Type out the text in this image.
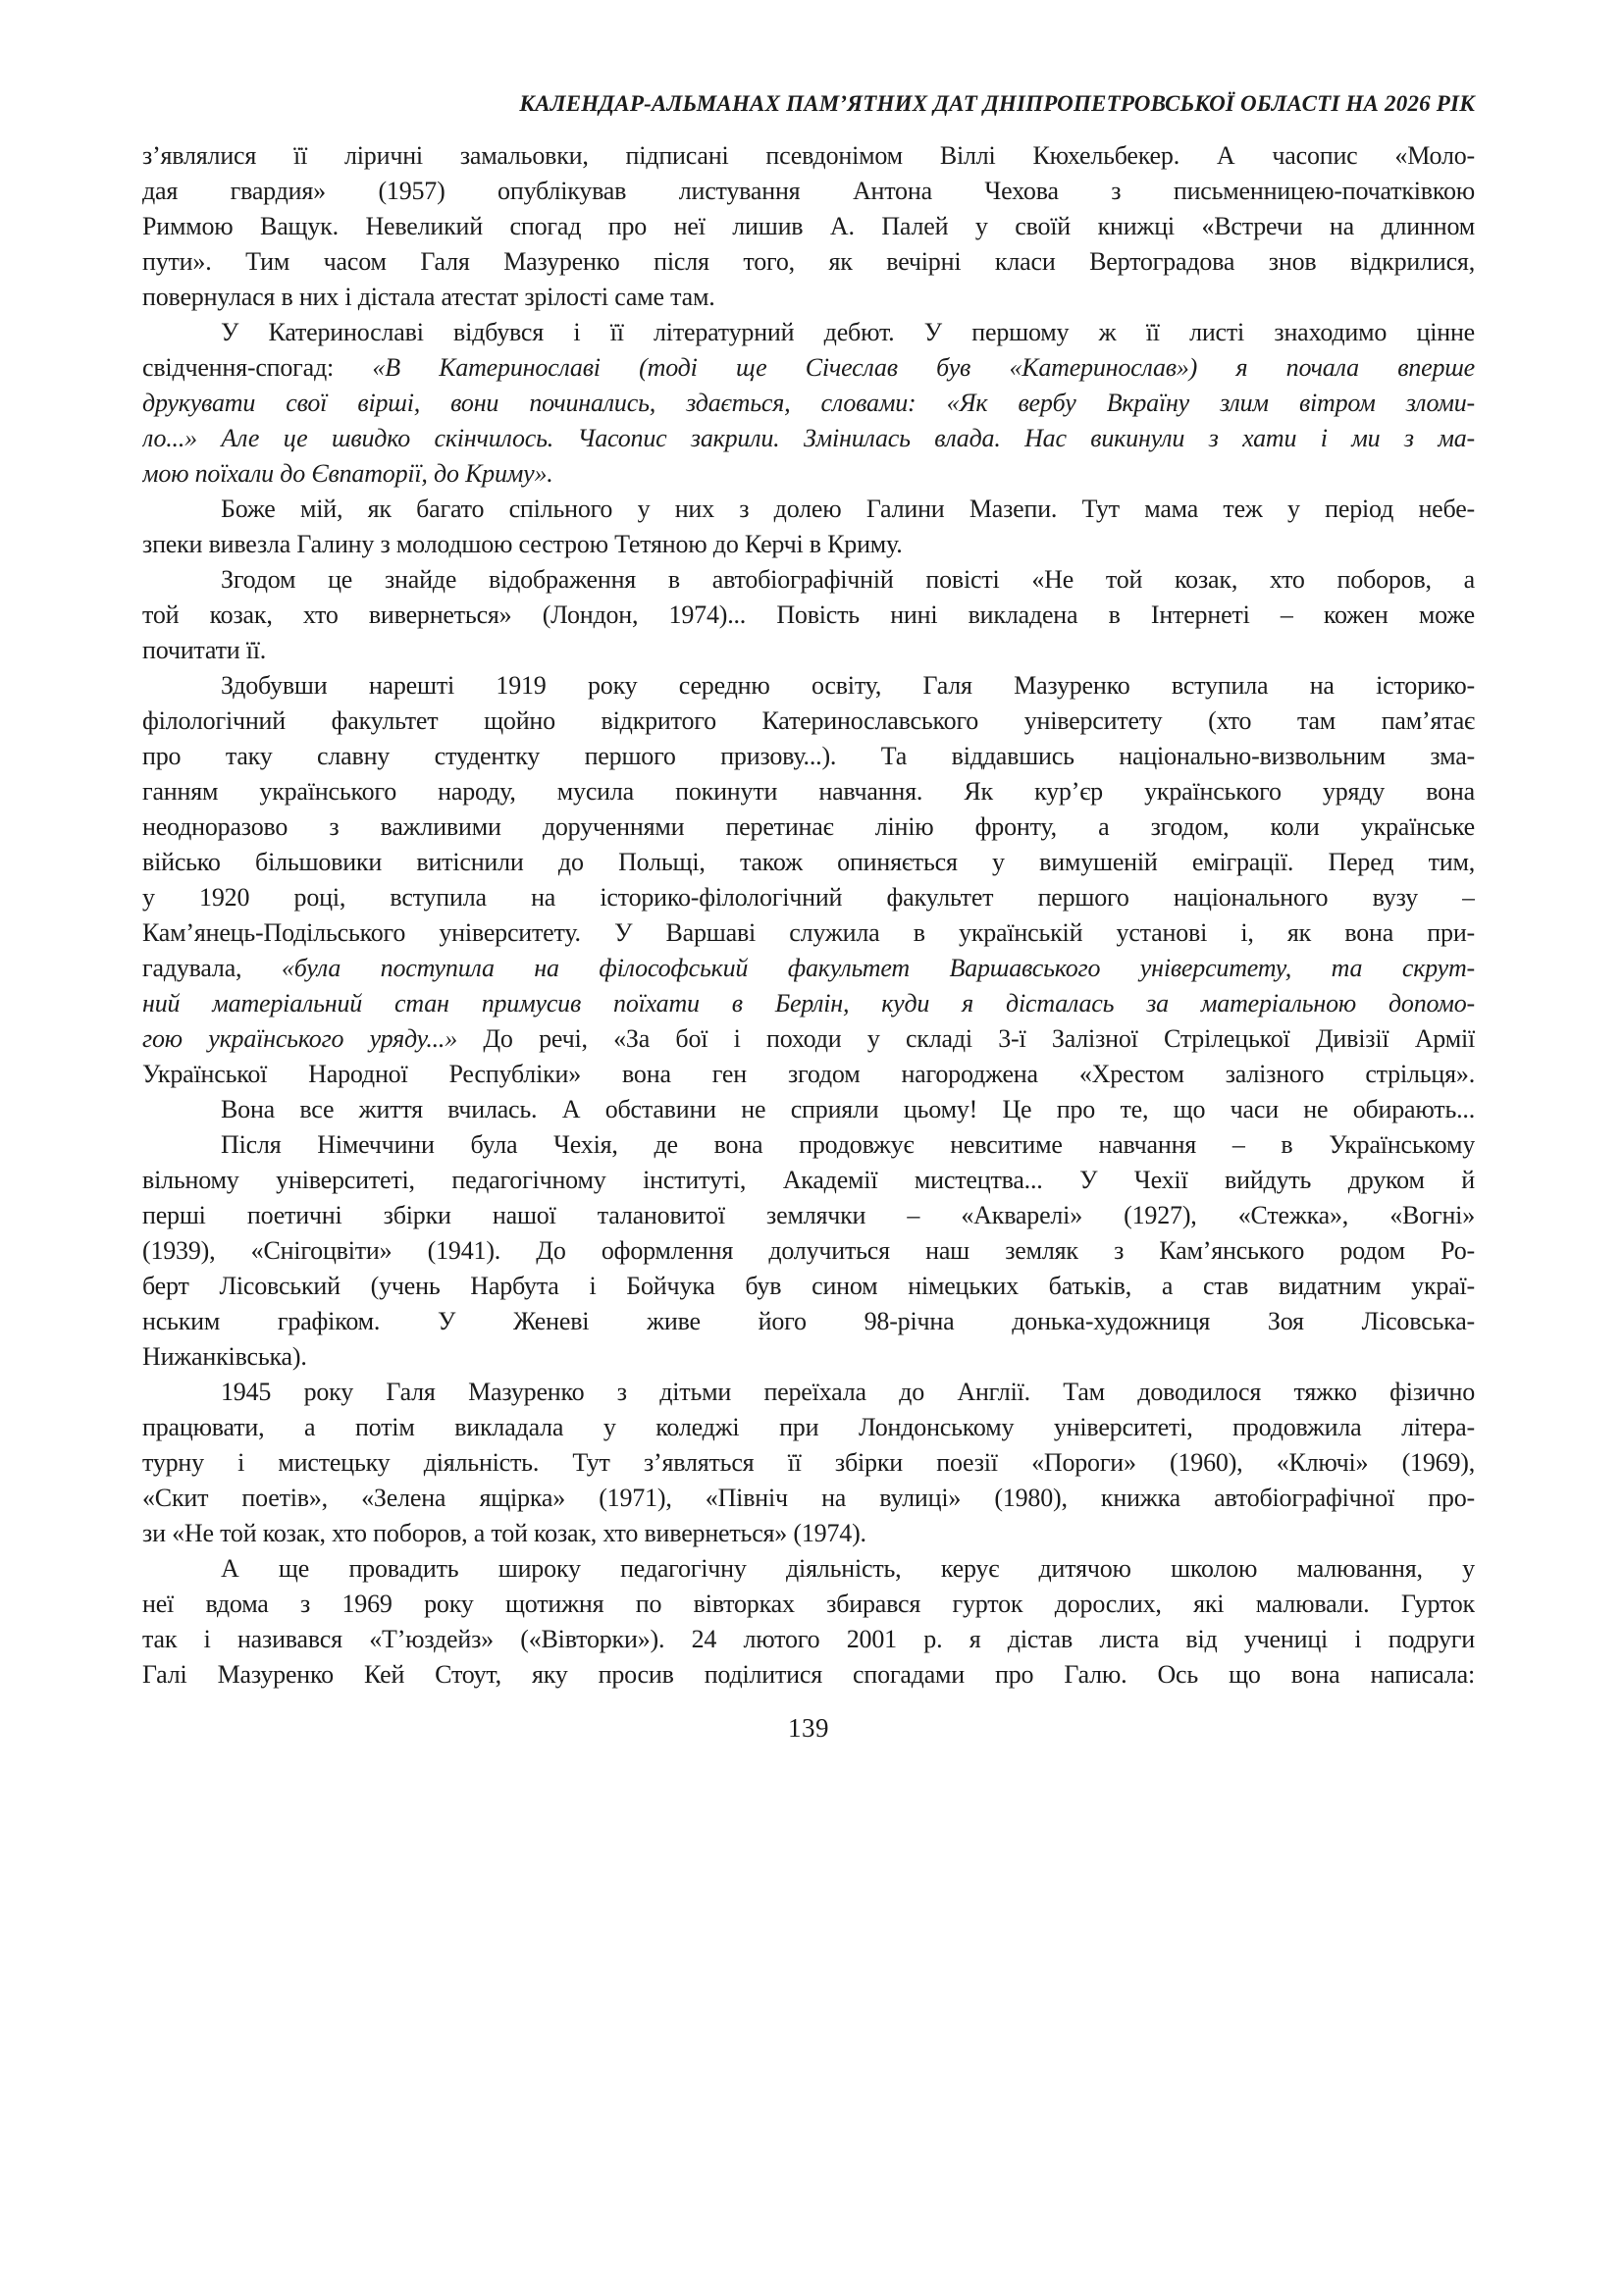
КАЛЕНДАР-АЛЬМАНАХ ПАМ’ЯТНИХ ДАТ ДНІПРОПЕТРОВСЬКОЇ ОБЛАСТІ НА 2026 РІК
з’являлися її ліричні замальовки, підписані псевдонімом Віллі Кюхельбекер. А часопис «Моло-
дая гвардия» (1957) опублікував листування Антона Чехова з письменницею-початківкою
Риммою Ващук. Невеликий спогад про неї лишив А. Палей у своїй книжці «Встречи на длинном
пути». Тим часом Галя Мазуренко після того, як вечірні класи Вертоградова знов відкрилися,
повернулася в них і дістала атестат зрілості саме там.
У Катеринославі відбувся і її літературний дебют. У першому ж її листі знаходимо цінне
свідчення-спогад: «В Катеринославі (тоді ще Січеслав був «Катеринослав») я почала вперше
друкувати свої вірші, вони починались, здається, словами: «Як вербу Вкраїну злим вітром зломи-
ло...» Але це швидко скінчилось. Часопис закрили. Змінилась влада. Нас викинули з хати і ми з ма-
мою поїхали до Євпаторії, до Криму».
Боже мій, як багато спільного у них з долею Галини Мазепи. Тут мама теж у період небе-
зпеки вивезла Галину з молодшою сестрою Тетяною до Керчі в Криму.
Згодом це знайде відображення в автобіографічній повісті «Не той козак, хто поборов, а
той козак, хто вивернеться» (Лондон, 1974)... Повість нині викладена в Інтернеті – кожен може
почитати її.
Здобувши нарешті 1919 року середню освіту, Галя Мазуренко вступила на історико-
філологічний факультет щойно відкритого Катеринославського університету (хто там пам’ятає
про таку славну студентку першого призову...). Та віддавшись національно-визвольним зма-
ганням українського народу, мусила покинути навчання. Як кур’єр українського уряду вона
неодноразово з важливими дорученнями перетинає лінію фронту, а згодом, коли українське
військо більшовики витіснили до Польщі, також опиняється у вимушеній еміграції. Перед тим,
у 1920 році, вступила на історико-філологічний факультет першого національного вузу –
Кам’янець-Подільського університету. У Варшаві служила в українській установі і, як вона при-
гадувала, «була поступила на філософський факультет Варшавського університету, та скрут-
ний матеріальний стан примусив поїхати в Берлін, куди я дісталась за матеріальною допомо-
гою українського уряду...» До речі, «За бої і походи у складі 3-ї Залізної Стрілецької Дивізії Армії
Української Народної Республіки» вона ген згодом нагороджена «Хрестом залізного стрільця».
Вона все життя вчилась. А обставини не сприяли цьому! Це про те, що часи не обирають...
Після Німеччини була Чехія, де вона продовжує невситиме навчання – в Українському
вільному університеті, педагогічному інституті, Академії мистецтва... У Чехії вийдуть друком й
перші поетичні збірки нашої талановитої землячки – «Акварелі» (1927), «Стежка», «Вогні»
(1939), «Снігоцвіти» (1941). До оформлення долучиться наш земляк з Кам’янського родом Ро-
берт Лісовський (учень Нарбута і Бойчука був сином німецьких батьків, а став видатним украї-
нським графіком. У Женеві живе його 98-річна донька-художниця Зоя Лісовська-
Нижанківська).
1945 року Галя Мазуренко з дітьми переїхала до Англії. Там доводилося тяжко фізично
працювати, а потім викладала у коледжі при Лондонському університеті, продовжила літера-
турну і мистецьку діяльність. Тут з’являться її збірки поезії «Пороги» (1960), «Ключі» (1969),
«Скит поетів», «Зелена ящірка» (1971), «Північ на вулиці» (1980), книжка автобіографічної про-
зи «Не той козак, хто поборов, а той козак, хто вивернеться» (1974).
А ще провадить широку педагогічну діяльність, керує дитячою школою малювання, у
неї вдома з 1969 року щотижня по вівторках збирався гурток дорослих, які малювали. Гурток
так і називався «Т’юздейз» («Вівторки»). 24 лютого 2001 р. я дістав листа від учениці і подруги
Галі Мазуренко Кей Стоут, яку просив поділитися спогадами про Галю. Ось що вона написала:
139
